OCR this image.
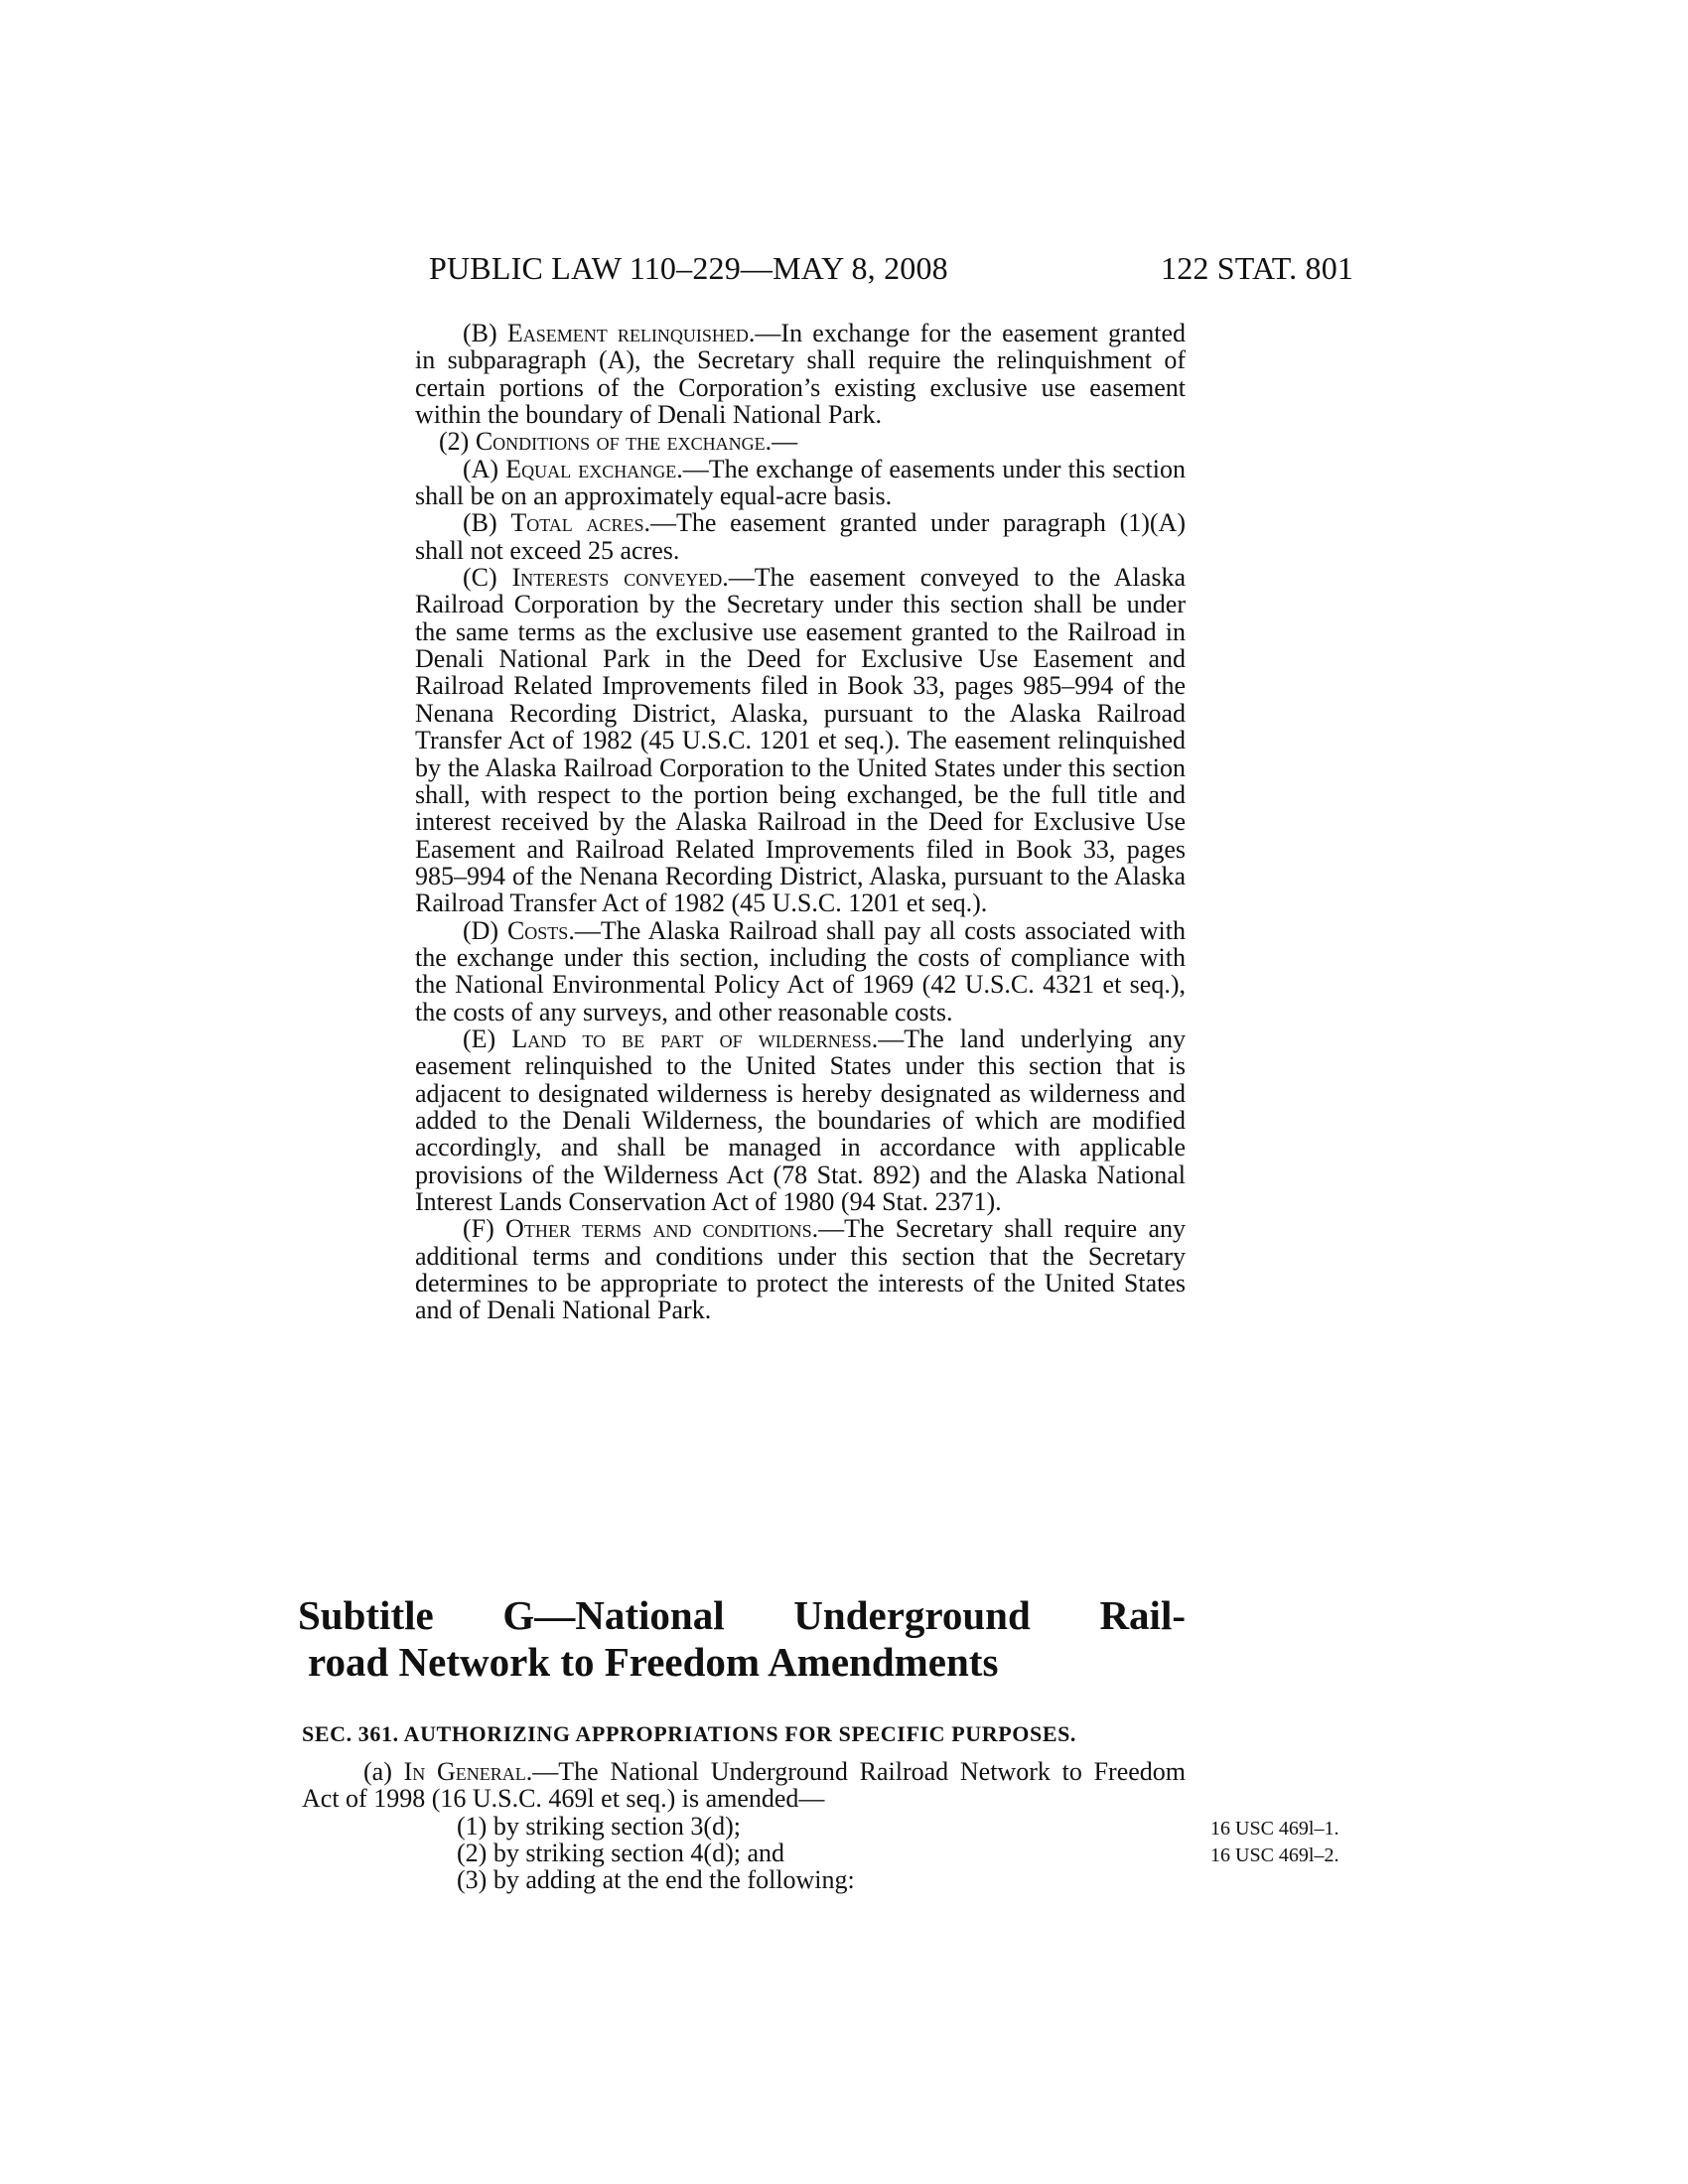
PUBLIC LAW 110–229—MAY 8, 2008	122 STAT. 801
(B) Easement relinquished.—In exchange for the easement granted in subparagraph (A), the Secretary shall require the relinquishment of certain portions of the Corporation’s existing exclusive use easement within the boundary of Denali National Park.
(2) Conditions of the exchange.—
(A) Equal exchange.—The exchange of easements under this section shall be on an approximately equal-acre basis.
(B) Total acres.—The easement granted under paragraph (1)(A) shall not exceed 25 acres.
(C) Interests conveyed.—The easement conveyed to the Alaska Railroad Corporation by the Secretary under this section shall be under the same terms as the exclusive use easement granted to the Railroad in Denali National Park in the Deed for Exclusive Use Easement and Railroad Related Improvements filed in Book 33, pages 985–994 of the Nenana Recording District, Alaska, pursuant to the Alaska Railroad Transfer Act of 1982 (45 U.S.C. 1201 et seq.). The easement relinquished by the Alaska Railroad Corporation to the United States under this section shall, with respect to the portion being exchanged, be the full title and interest received by the Alaska Railroad in the Deed for Exclusive Use Easement and Railroad Related Improvements filed in Book 33, pages 985–994 of the Nenana Recording District, Alaska, pursuant to the Alaska Railroad Transfer Act of 1982 (45 U.S.C. 1201 et seq.).
(D) Costs.—The Alaska Railroad shall pay all costs associated with the exchange under this section, including the costs of compliance with the National Environmental Policy Act of 1969 (42 U.S.C. 4321 et seq.), the costs of any surveys, and other reasonable costs.
(E) Land to be part of wilderness.—The land underlying any easement relinquished to the United States under this section that is adjacent to designated wilderness is hereby designated as wilderness and added to the Denali Wilderness, the boundaries of which are modified accordingly, and shall be managed in accordance with applicable provisions of the Wilderness Act (78 Stat. 892) and the Alaska National Interest Lands Conservation Act of 1980 (94 Stat. 2371).
(F) Other terms and conditions.—The Secretary shall require any additional terms and conditions under this section that the Secretary determines to be appropriate to protect the interests of the United States and of Denali National Park.
Subtitle G—National Underground Rail-
road Network to Freedom Amendments
SEC. 361. AUTHORIZING APPROPRIATIONS FOR SPECIFIC PURPOSES.
(a) In General.—The National Underground Railroad Network to Freedom Act of 1998 (16 U.S.C. 469l et seq.) is amended—
(1) by striking section 3(d);
(2) by striking section 4(d); and
(3) by adding at the end the following:
16 USC 469l–1.
16 USC 469l–2.
